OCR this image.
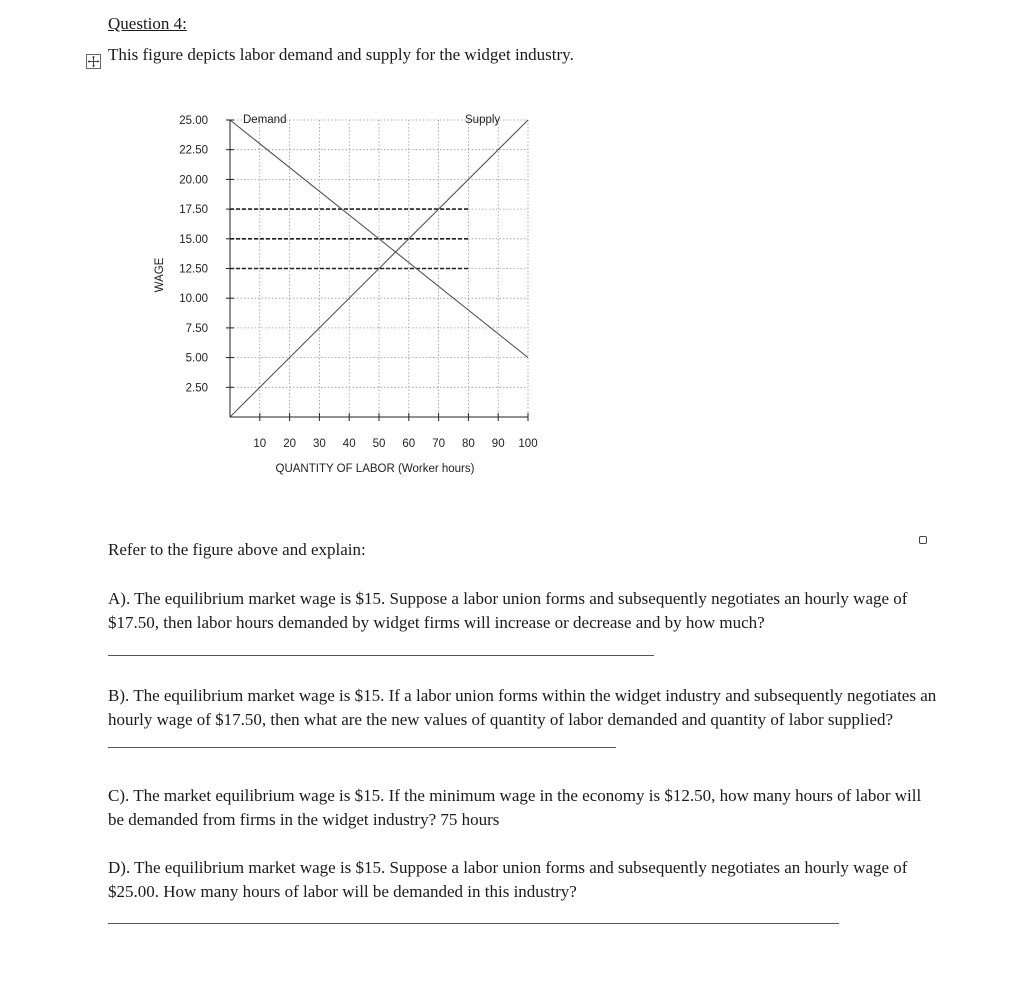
Question 4:
This figure depicts labor demand and supply for the widget industry.
25.00
22.50
20.00
17.50
15.00
12.50
10.00
7.50
5.00
2.50
10 20 30 40 50 60 70 80 90 100
Demand	Supply
WAGE
QUANTITY OF LABOR (Worker hours)
Refer to the figure above and explain:
A). The equilibrium market wage is $15. Suppose a labor union forms and subsequently negotiates an hourly wage of $17.50, then labor hours demanded by widget firms will increase or decrease and by how much?
B). The equilibrium market wage is $15. If a labor union forms within the widget industry and subsequently negotiates an hourly wage of $17.50, then what are the new values of quantity of labor demanded and quantity of labor supplied?
C). The market equilibrium wage is $15. If the minimum wage in the economy is $12.50, how many hours of labor will be demanded from firms in the widget industry? 75 hours
D). The equilibrium market wage is $15. Suppose a labor union forms and subsequently negotiates an hourly wage of $25.00. How many hours of labor will be demanded in this industry?
